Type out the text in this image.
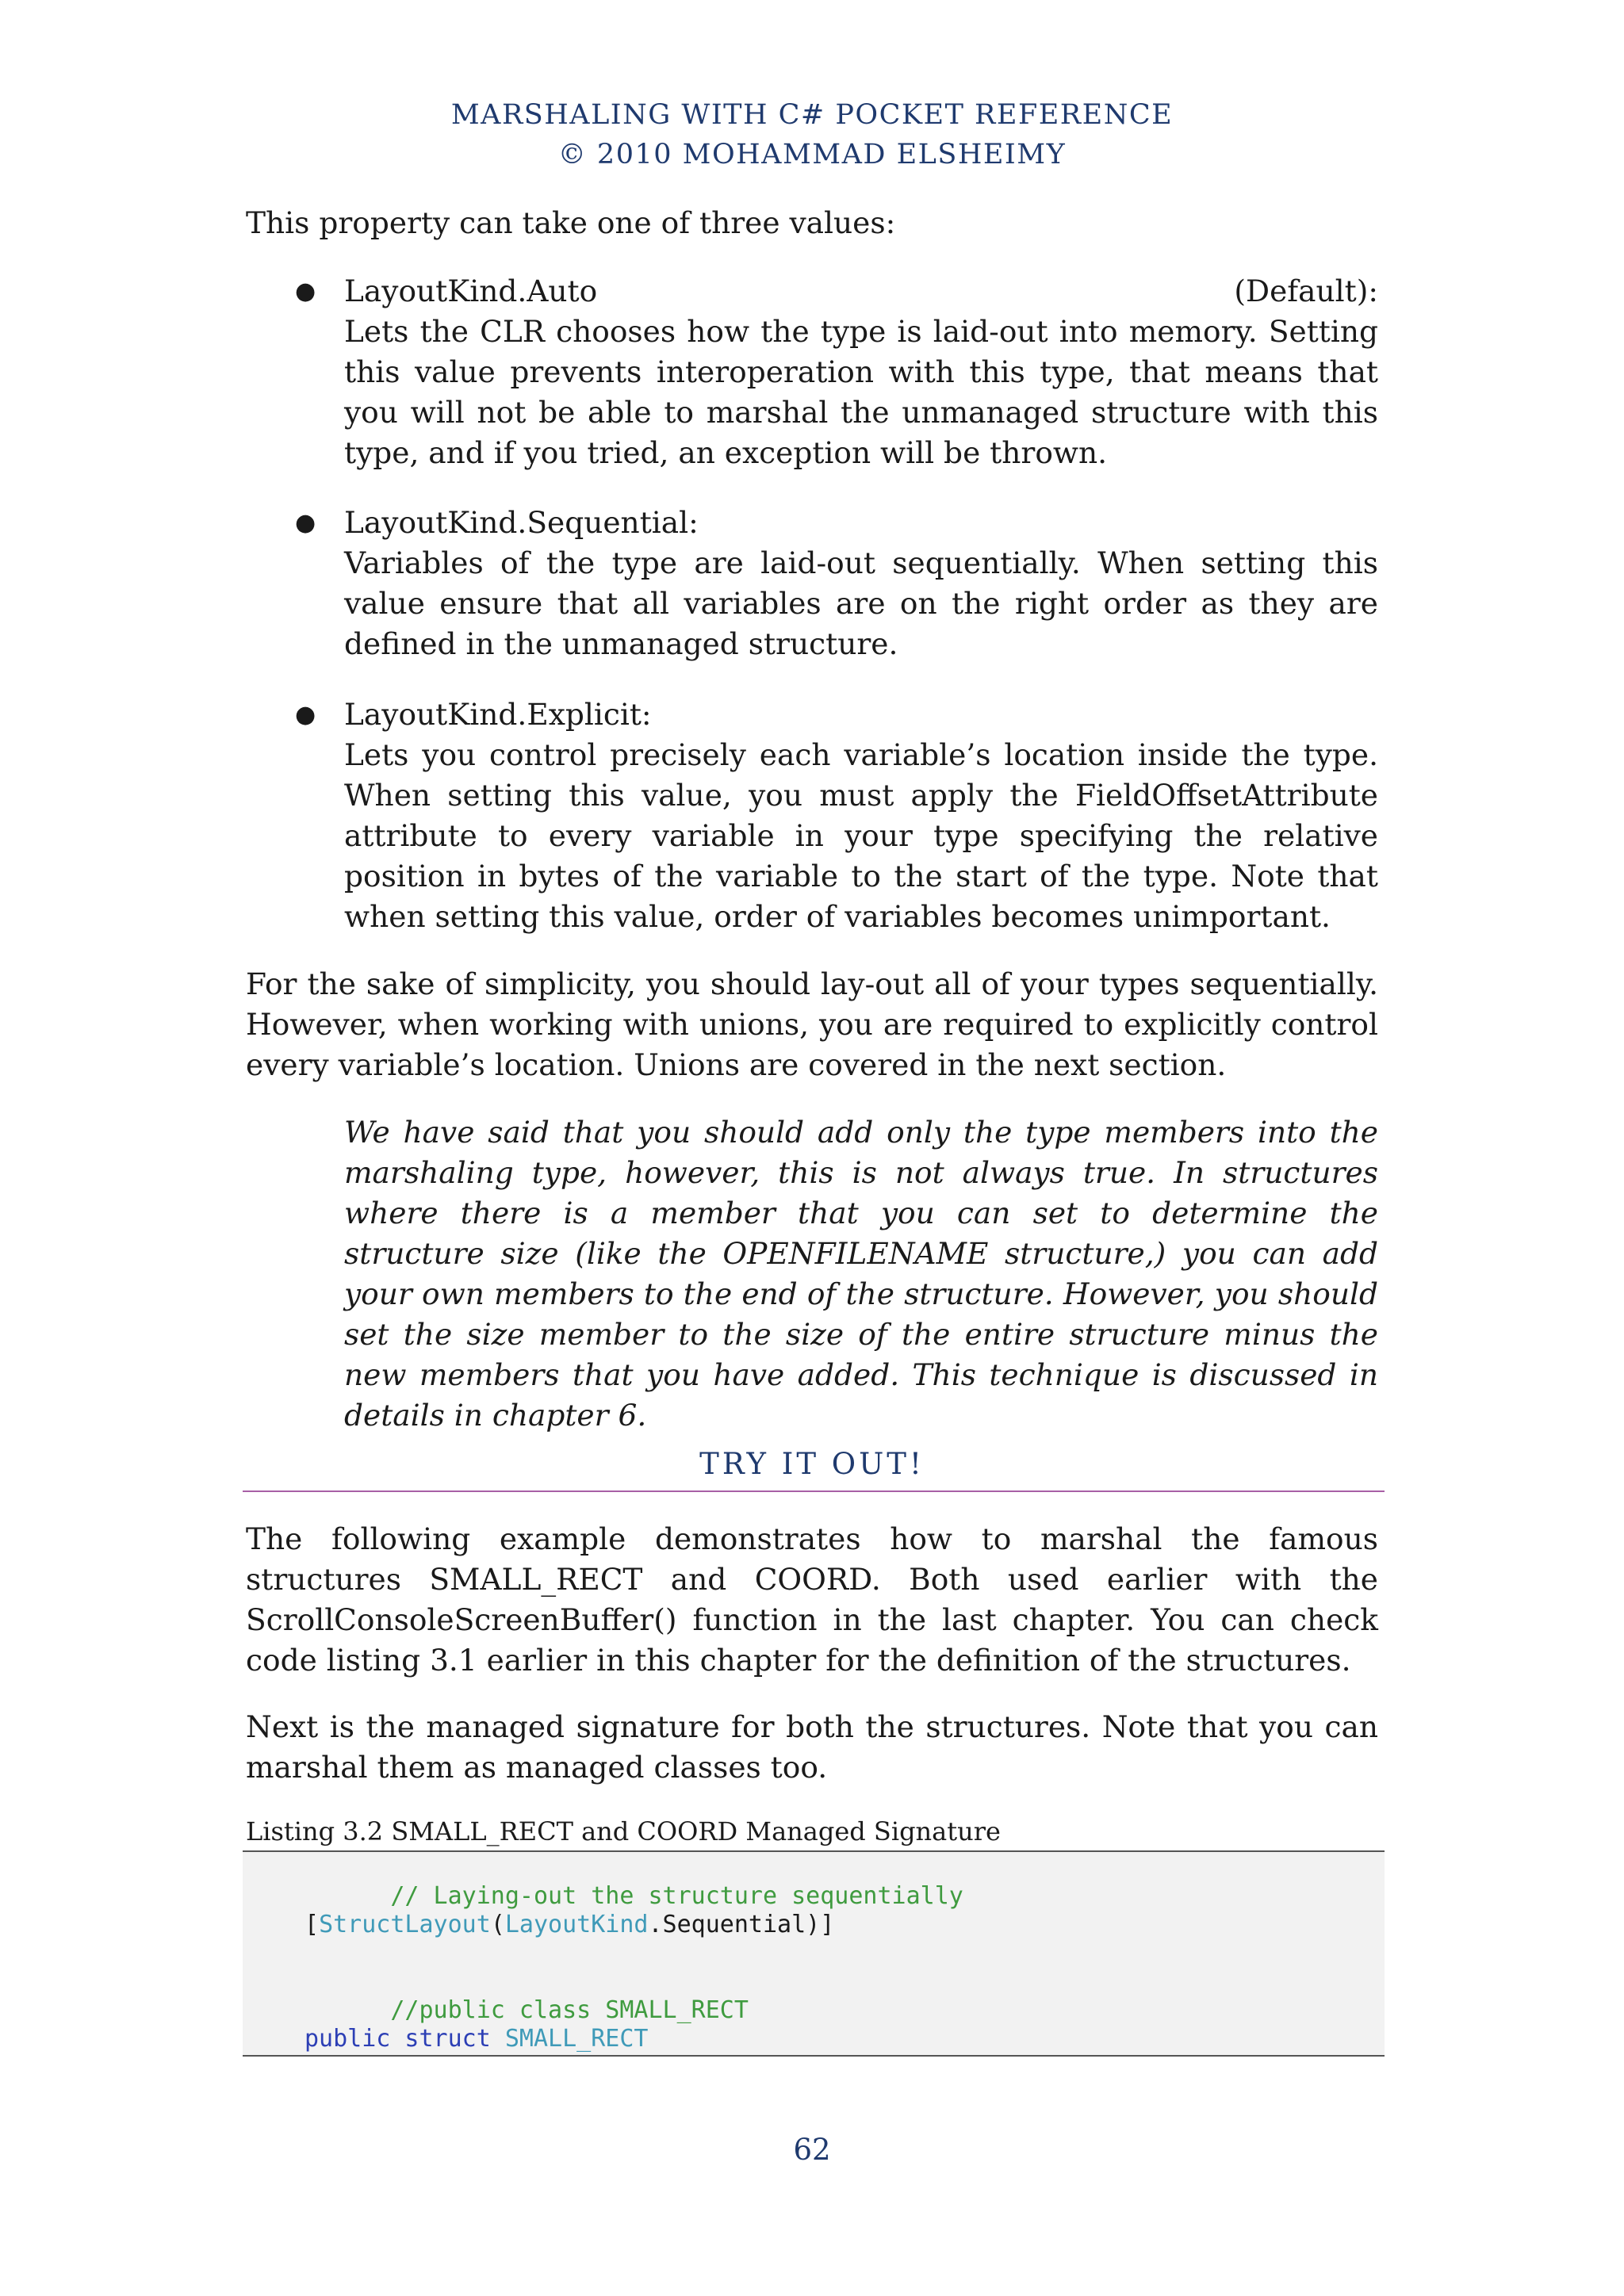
MARSHALING WITH C# POCKET REFERENCE
© 2010 MOHAMMAD ELSHEIMY

This property can take one of three values:

● LayoutKind.Auto	(Default):
Lets the CLR chooses how the type is laid-out into memory. Setting this value prevents interoperation with this type, that means that you will not be able to marshal the unmanaged structure with this type, and if you tried, an exception will be thrown.
● LayoutKind.Sequential:
Variables of the type are laid-out sequentially. When setting this value ensure that all variables are on the right order as they are defined in the unmanaged structure.
● LayoutKind.Explicit:
Lets you control precisely each variable’s location inside the type. When setting this value, you must apply the FieldOffsetAttribute attribute to every variable in your type specifying the relative position in bytes of the variable to the start of the type. Note that when setting this value, order of variables becomes unimportant.

For the sake of simplicity, you should lay-out all of your types sequentially. However, when working with unions, you are required to explicitly control every variable’s location. Unions are covered in the next section.

We have said that you should add only the type members into the marshaling type, however, this is not always true. In structures where there is a member that you can set to determine the structure size (like the OPENFILENAME structure,) you can add your own members to the end of the structure. However, you should set the size member to the size of the entire structure minus the new members that you have added. This technique is discussed in details in chapter 6.
TRY IT OUT!

The following example demonstrates how to marshal the famous structures SMALL_RECT and COORD. Both used earlier with the ScrollConsoleScreenBuffer() function in the last chapter. You can check code listing 3.1 earlier in this chapter for the definition of the structures.

Next is the managed signature for both the structures. Note that you can marshal them as managed classes too.

Listing 3.2 SMALL_RECT and COORD Managed Signature

// Laying-out the structure sequentially

[StructLayout(LayoutKind.Sequential)]

//public class SMALL_RECT

public struct SMALL_RECT
62
